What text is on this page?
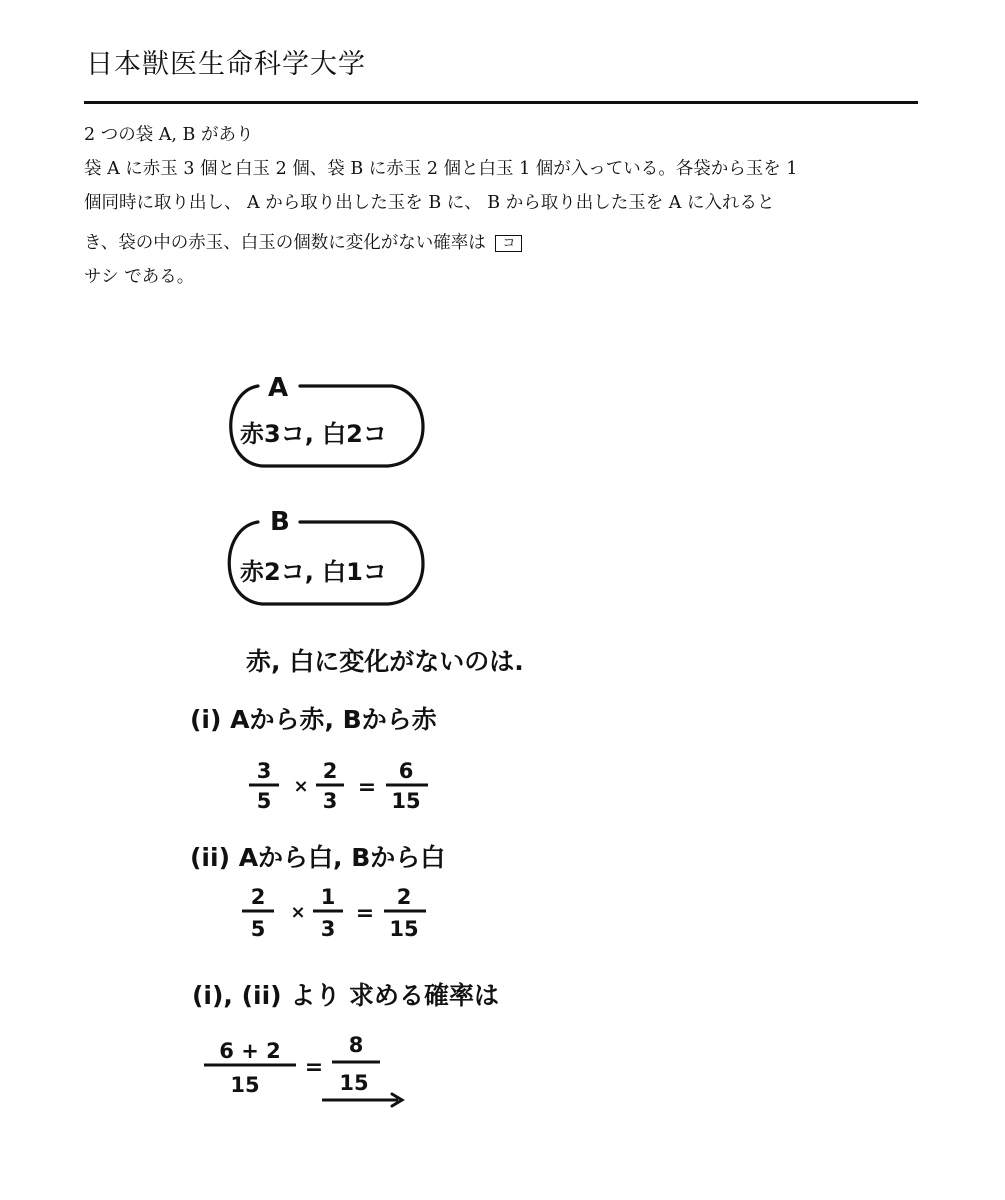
日本獣医生命科学大学

2 つの袋 A, B があり

袋 A に赤玉 3 個と白玉 2 個、袋 B に赤玉 2 個と白玉 1 個が入っている。各袋から玉を 1

個同時に取り出し、 A から取り出した玉を B に、 B から取り出した玉を A に入れると

き、袋の中の赤玉、白玉の個数に変化がない確率は コ

サシ である。

A
赤3コ, 白2コ
B
赤2コ, 白1コ
赤, 白に変化がないのは.
(i) Aから赤, Bから赤
3
5
×
2
3
=
6
15
(ii) Aから白, Bから白
2
5
×
1
3
=
2
15
(i), (ii) より 求める確率は
6 + 2
15
=
8
15
